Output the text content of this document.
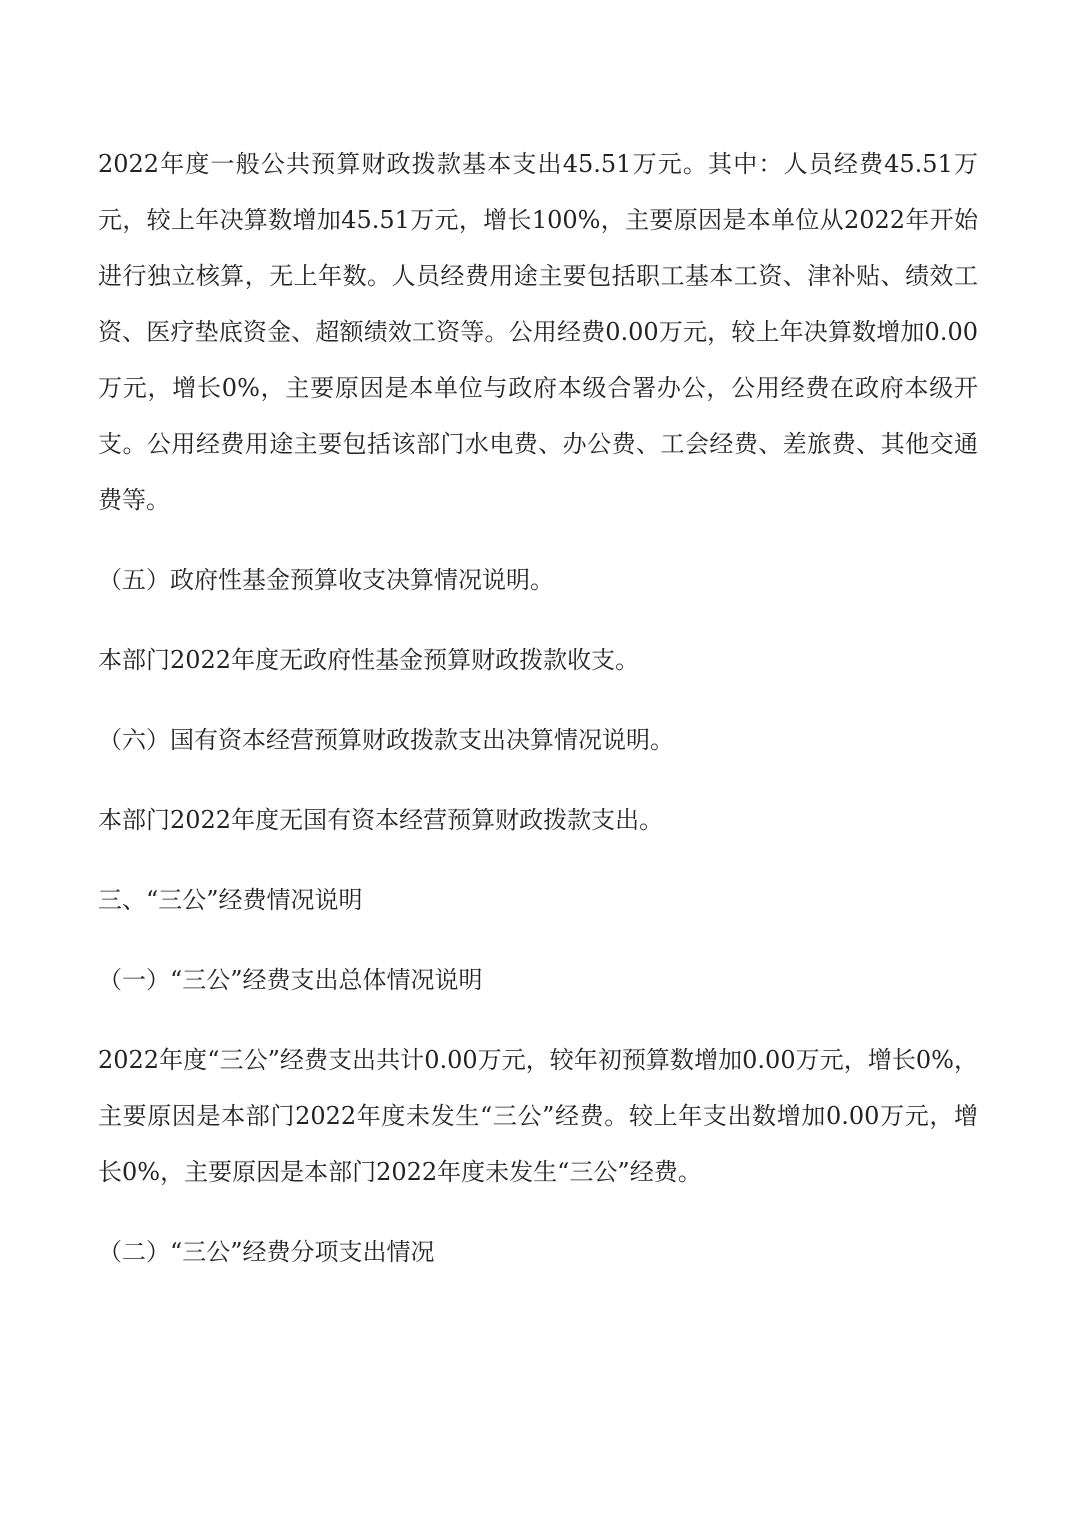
2022年度一般公共预算财政拨款基本支出45.51万元。其中：人员经费45.51万元，较上年决算数增加45.51万元，增长100%，主要原因是本单位从2022年开始进行独立核算，无上年数。人员经费用途主要包括职工基本工资、津补贴、绩效工资、医疗垫底资金、超额绩效工资等。公用经费0.00万元，较上年决算数增加0.00万元，增长0%，主要原因是本单位与政府本级合署办公，公用经费在政府本级开支。公用经费用途主要包括该部门水电费、办公费、工会经费、差旅费、其他交通费等。

（五）政府性基金预算收支决算情况说明。

本部门2022年度无政府性基金预算财政拨款收支。

（六）国有资本经营预算财政拨款支出决算情况说明。

本部门2022年度无国有资本经营预算财政拨款支出。

三、“三公”经费情况说明

（一）“三公”经费支出总体情况说明

2022年度“三公”经费支出共计0.00万元，较年初预算数增加0.00万元，增长0%，主要原因是本部门2022年度未发生“三公”经费。较上年支出数增加0.00万元，增长0%，主要原因是本部门2022年度未发生“三公”经费。

（二）“三公”经费分项支出情况
